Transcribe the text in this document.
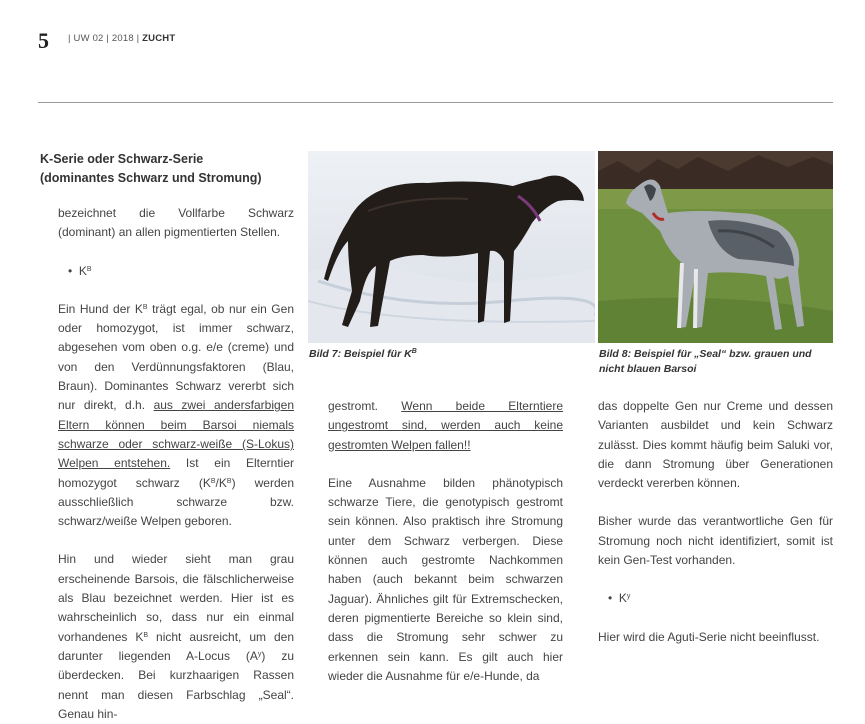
5 | UW 02 | 2018 | ZUCHT
K-Serie oder Schwarz-Serie
(dominantes Schwarz und Stromung)

bezeichnet die Vollfarbe Schwarz (dominant) an allen pigmentierten Stellen.

•  $K^B$

Ein Hund der $K^B$ trägt egal, ob nur ein Gen oder homozygot, ist immer schwarz, abgesehen vom oben o.g. e/e (creme) und von den Verdünnungsfaktoren (Blau, Braun). Dominantes Schwarz vererbt sich nur direkt, d.h. aus zwei andersfarbigen Eltern können beim Barsoi niemals schwarze oder schwarz-weiße (S-Lokus) Welpen entstehen. Ist ein Elterntier homozygot schwarz $(K^B/K^B)$ werden ausschließlich schwarze bzw. schwarz/weiße Welpen geboren.

Hin und wieder sieht man grau erscheinende Barsois, die fälschlicherweise als Blau bezeichnet werden. Hier ist es wahrscheinlich so, dass nur ein einmal vorhandenes $K^B$ nicht ausreicht, um den darunter liegenden A-Locus $(A^y)$ zu überdecken. Bei kurzhaarigen Rassen nennt man diesen Farbschlag „Seal“. Genau hin-

Bild 7: Beispiel für $K^B$	Bild 8: Beispiel für „Seal“ bzw. grauen und nicht blauen Barsoi

gestromt. Wenn beide Elterntiere ungestromt sind, werden auch keine gestromten Welpen fallen!!

Eine Ausnahme bilden phänotypisch schwarze Tiere, die genotypisch gestromt sein können. Also praktisch ihre Stromung unter dem Schwarz verbergen. Diese können auch gestromte Nachkommen haben (auch bekannt beim schwarzen Jaguar). Ähnliches gilt für Extremschecken, deren pigmentierte Bereiche so klein sind, dass die Stromung sehr schwer zu erkennen sein kann. Es gilt auch hier wieder die Ausnahme für e/e-Hunde, da

das doppelte Gen nur Creme und dessen Varianten ausbildet und kein Schwarz zulässt. Dies kommt häufig beim Saluki vor, die dann Stromung über Generationen verdeckt vererben können.

Bisher wurde das verantwortliche Gen für Stromung noch nicht identifiziert, somit ist kein Gen-Test vorhanden.

•  $K^y$

Hier wird die Aguti-Serie nicht beeinflusst.
